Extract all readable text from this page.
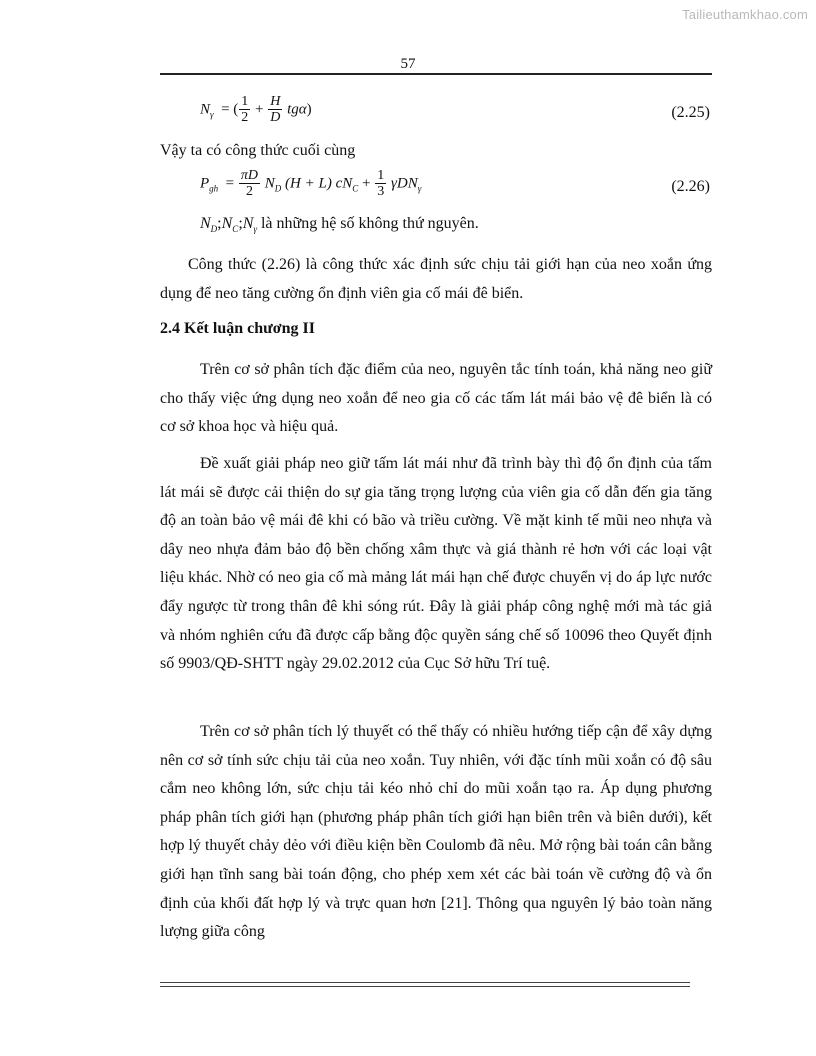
Tailieuthamkhao.com
57
$N_\gamma$  = ( $\frac{1}{2} + \frac{H}{D} tg\alpha$)	(2.25)
Vậy ta có công thức cuối cùng
$P_{gh} = \frac{\pi D}{2} N_D$ (H + L) $cN_C + \frac{1}{3} \gamma DN_\gamma$	(2.26)
$N_D;N_C;N_\gamma$ là những hệ số không thứ nguyên.

Công thức (2.26) là công thức xác định sức chịu tải giới hạn của neo xoắn ứng dụng để neo tăng cường ổn định viên gia cố mái đê biển.

2.4 Kết luận chương II

Trên cơ sở phân tích đặc điểm của neo, nguyên tắc tính toán, khả năng neo giữ cho thấy việc ứng dụng neo xoắn để neo gia cố các tấm lát mái bảo vệ đê biển là có cơ sở khoa học và hiệu quả.

Đề xuất giải pháp neo giữ tấm lát mái như đã trình bày thì độ ổn định của tấm lát mái sẽ được cải thiện do sự gia tăng trọng lượng của viên gia cố dẫn đến gia tăng độ an toàn bảo vệ mái đê khi có bão và triều cường. Về mặt kinh tế mũi neo nhựa và dây neo nhựa đảm bảo độ bền chống xâm thực và giá thành rẻ hơn với các loại vật liệu khác. Nhờ có neo gia cố mà mảng lát mái hạn chế được chuyển vị do áp lực nước đẩy ngược từ trong thân đê khi sóng rút. Đây là giải pháp công nghệ mới mà tác giả và nhóm nghiên cứu đã được cấp bằng độc quyền sáng chế số 10096 theo Quyết định số 9903/QĐ-SHTT ngày 29.02.2012 của Cục Sở hữu Trí tuệ.

Trên cơ sở phân tích lý thuyết có thể thấy có nhiều hướng tiếp cận để xây dựng nên cơ sở tính sức chịu tải của neo xoắn. Tuy nhiên, với đặc tính mũi xoắn có độ sâu cắm neo không lớn, sức chịu tải kéo nhỏ chỉ do mũi xoắn tạo ra. Áp dụng phương pháp phân tích giới hạn (phương pháp phân tích giới hạn biên trên và biên dưới), kết hợp lý thuyết chảy dẻo với điều kiện bền Coulomb đã nêu. Mở rộng bài toán cân bằng giới hạn tĩnh sang bài toán động, cho phép xem xét các bài toán về cường độ và ổn định của khối đất hợp lý và trực quan hơn [21]. Thông qua nguyên lý bảo toàn năng lượng giữa công
